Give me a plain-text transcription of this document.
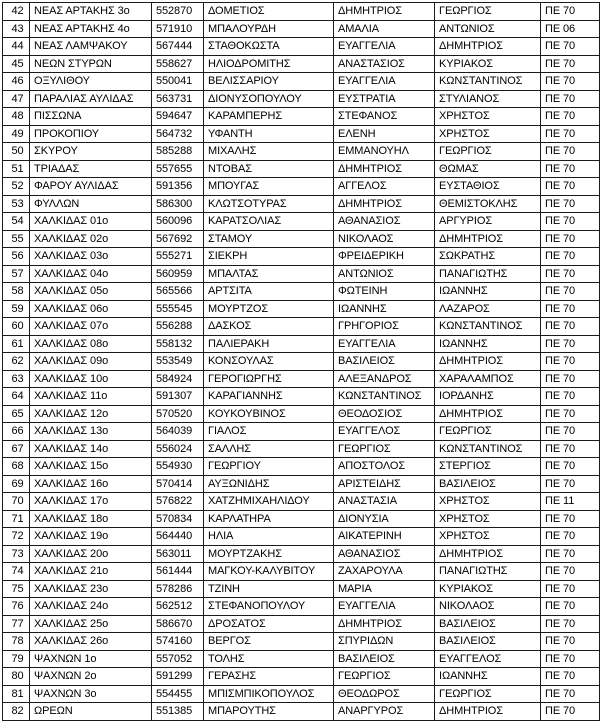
42	ΝΕΑΣ ΑΡΤΑΚΗΣ 3ο	552870	ΔΟΜΕΤΙΟΣ	ΔΗΜΗΤΡΙΟΣ	ΓΕΩΡΓΙΟΣ	ΠΕ 70
43	ΝΕΑΣ ΑΡΤΑΚΗΣ 4ο	571910	ΜΠΑΛΟΥΡΔΗ	ΑΜΑΛΙΑ	ΑΝΤΩΝΙΟΣ	ΠΕ 06
44	ΝΕΑΣ ΛΑΜΨΑΚΟΥ	567444	ΣΤΑΘΟΚΩΣΤΑ	ΕΥΑΓΓΕΛΙΑ	ΔΗΜΗΤΡΙΟΣ	ΠΕ 70
45	ΝΕΩΝ ΣΤΥΡΩΝ	558627	ΗΛΙΟΔΡΟΜΙΤΗΣ	ΑΝΑΣΤΑΣΙΟΣ	ΚΥΡΙΑΚΟΣ	ΠΕ 70
46	ΟΞΥΛΙΘΟΥ	550041	ΒΕΛΙΣΣΑΡΙΟΥ	ΕΥΑΓΓΕΛΙΑ	ΚΩΝΣΤΑΝΤΙΝΟΣ	ΠΕ 70
47	ΠΑΡΑΛΙΑΣ ΑΥΛΙΔΑΣ	563731	ΔΙΟΝΥΣΟΠΟΥΛΟΥ	ΕΥΣΤΡΑΤΙΑ	ΣΤΥΛΙΑΝΟΣ	ΠΕ 70
48	ΠΙΣΣΩΝΑ	594647	ΚΑΡΑΜΠΕΡΗΣ	ΣΤΕΦΑΝΟΣ	ΧΡΗΣΤΟΣ	ΠΕ 70
49	ΠΡΟΚΟΠΙΟΥ	564732	ΥΦΑΝΤΗ	ΕΛΕΝΗ	ΧΡΗΣΤΟΣ	ΠΕ 70
50	ΣΚΥΡΟΥ	585288	ΜΙΧΑΛΗΣ	ΕΜΜΑΝΟΥΗΛ	ΓΕΩΡΓΙΟΣ	ΠΕ 70
51	ΤΡΙΑΔΑΣ	557655	ΝΤΟΒΑΣ	ΔΗΜΗΤΡΙΟΣ	ΘΩΜΑΣ	ΠΕ 70
52	ΦΑΡΟΥ ΑΥΛΙΔΑΣ	591356	ΜΠΟΥΓΑΣ	ΑΓΓΕΛΟΣ	ΕΥΣΤΑΘΙΟΣ	ΠΕ 70
53	ΦΥΛΛΩΝ	586300	ΚΛΩΤΣΟΤΥΡΑΣ	ΔΗΜΗΤΡΙΟΣ	ΘΕΜΙΣΤΟΚΛΗΣ	ΠΕ 70
54	ΧΑΛΚΙΔΑΣ 01ο	560096	ΚΑΡΑΤΣΟΛΙΑΣ	ΑΘΑΝΑΣΙΟΣ	ΑΡΓΥΡΙΟΣ	ΠΕ 70
55	ΧΑΛΚΙΔΑΣ 02ο	567692	ΣΤΑΜΟΥ	ΝΙΚΟΛΑΟΣ	ΔΗΜΗΤΡΙΟΣ	ΠΕ 70
56	ΧΑΛΚΙΔΑΣ 03ο	555271	ΣΙΕΚΡΗ	ΦΡΕΙΔΕΡΙΚΗ	ΣΩΚΡΑΤΗΣ	ΠΕ 70
57	ΧΑΛΚΙΔΑΣ 04ο	560959	ΜΠΑΛΤΑΣ	ΑΝΤΩΝΙΟΣ	ΠΑΝΑΓΙΩΤΗΣ	ΠΕ 70
58	ΧΑΛΚΙΔΑΣ 05ο	565566	ΑΡΤΣΙΤΑ	ΦΩΤΕΙΝΗ	ΙΩΑΝΝΗΣ	ΠΕ 70
59	ΧΑΛΚΙΔΑΣ 06ο	555545	ΜΟΥΡΤΖΟΣ	ΙΩΑΝΝΗΣ	ΛΑΖΑΡΟΣ	ΠΕ 70
60	ΧΑΛΚΙΔΑΣ 07ο	556288	ΔΑΣΚΟΣ	ΓΡΗΓΟΡΙΟΣ	ΚΩΝΣΤΑΝΤΙΝΟΣ	ΠΕ 70
61	ΧΑΛΚΙΔΑΣ 08ο	558132	ΠΑΛΙΕΡΑΚΗ	ΕΥΑΓΓΕΛΙΑ	ΙΩΑΝΝΗΣ	ΠΕ 70
62	ΧΑΛΚΙΔΑΣ 09ο	553549	ΚΟΝΣΟΥΛΑΣ	ΒΑΣΙΛΕΙΟΣ	ΔΗΜΗΤΡΙΟΣ	ΠΕ 70
63	ΧΑΛΚΙΔΑΣ 10ο	584924	ΓΕΡΟΓΙΩΡΓΗΣ	ΑΛΕΞΑΝΔΡΟΣ	ΧΑΡΑΛΑΜΠΟΣ	ΠΕ 70
64	ΧΑΛΚΙΔΑΣ 11ο	591307	ΚΑΡΑΓΙΑΝΝΗΣ	ΚΩΝΣΤΑΝΤΙΝΟΣ	ΙΟΡΔΑΝΗΣ	ΠΕ 70
65	ΧΑΛΚΙΔΑΣ 12ο	570520	ΚΟΥΚΟΥΒΙΝΟΣ	ΘΕΟΔΟΣΙΟΣ	ΔΗΜΗΤΡΙΟΣ	ΠΕ 70
66	ΧΑΛΚΙΔΑΣ 13ο	564039	ΓΙΑΛΟΣ	ΕΥΑΓΓΕΛΟΣ	ΓΕΩΡΓΙΟΣ	ΠΕ 70
67	ΧΑΛΚΙΔΑΣ 14ο	556024	ΣΑΛΛΗΣ	ΓΕΩΡΓΙΟΣ	ΚΩΝΣΤΑΝΤΙΝΟΣ	ΠΕ 70
68	ΧΑΛΚΙΔΑΣ 15ο	554930	ΓΕΩΡΓΙΟΥ	ΑΠΟΣΤΟΛΟΣ	ΣΤΕΡΓΙΟΣ	ΠΕ 70
69	ΧΑΛΚΙΔΑΣ 16ο	570414	ΑΥΞΩΝΙΔΗΣ	ΑΡΙΣΤΕΙΔΗΣ	ΒΑΣΙΛΕΙΟΣ	ΠΕ 70
70	ΧΑΛΚΙΔΑΣ 17ο	576822	ΧΑΤΖΗΜΙΧΑΗΛΙΔΟΥ	ΑΝΑΣΤΑΣΙΑ	ΧΡΗΣΤΟΣ	ΠΕ 11
71	ΧΑΛΚΙΔΑΣ 18ο	570834	ΚΑΡΛΑΤΗΡΑ	ΔΙΟΝΥΣΙΑ	ΧΡΗΣΤΟΣ	ΠΕ 70
72	ΧΑΛΚΙΔΑΣ 19ο	564440	ΗΛΙΑ	ΑΙΚΑΤΕΡΙΝΗ	ΧΡΗΣΤΟΣ	ΠΕ 70
73	ΧΑΛΚΙΔΑΣ 20ο	563011	ΜΟΥΡΤΖΑΚΗΣ	ΑΘΑΝΑΣΙΟΣ	ΔΗΜΗΤΡΙΟΣ	ΠΕ 70
74	ΧΑΛΚΙΔΑΣ 21ο	561444	ΜΑΓΚΟΥ-ΚΑΛΥΒΙΤΟΥ	ΖΑΧΑΡΟΥΛΑ	ΠΑΝΑΓΙΩΤΗΣ	ΠΕ 70
75	ΧΑΛΚΙΔΑΣ 23ο	578286	ΤΖΙΝΗ	ΜΑΡΙΑ	ΚΥΡΙΑΚΟΣ	ΠΕ 70
76	ΧΑΛΚΙΔΑΣ 24ο	562512	ΣΤΕΦΑΝΟΠΟΥΛΟΥ	ΕΥΑΓΓΕΛΙΑ	ΝΙΚΟΛΑΟΣ	ΠΕ 70
77	ΧΑΛΚΙΔΑΣ 25ο	586670	ΔΡΟΣΑΤΟΣ	ΔΗΜΗΤΡΙΟΣ	ΒΑΣΙΛΕΙΟΣ	ΠΕ 70
78	ΧΑΛΚΙΔΑΣ 26ο	574160	ΒΕΡΓΟΣ	ΣΠΥΡΙΔΩΝ	ΒΑΣΙΛΕΙΟΣ	ΠΕ 70
79	ΨΑΧΝΩΝ 1ο	557052	ΤΟΛΗΣ	ΒΑΣΙΛΕΙΟΣ	ΕΥΑΓΓΕΛΟΣ	ΠΕ 70
80	ΨΑΧΝΩΝ 2ο	591299	ΓΕΡΑΣΗΣ	ΓΕΩΡΓΙΟΣ	ΙΩΑΝΝΗΣ	ΠΕ 70
81	ΨΑΧΝΩΝ 3ο	554455	ΜΠΙΣΜΠΙΚΟΠΟΥΛΟΣ	ΘΕΟΔΩΡΟΣ	ΓΕΩΡΓΙΟΣ	ΠΕ 70
82	ΩΡΕΩΝ	551385	ΜΠΑΡΟΥΤΗΣ	ΑΝΑΡΓΥΡΟΣ	ΔΗΜΗΤΡΙΟΣ	ΠΕ 70
